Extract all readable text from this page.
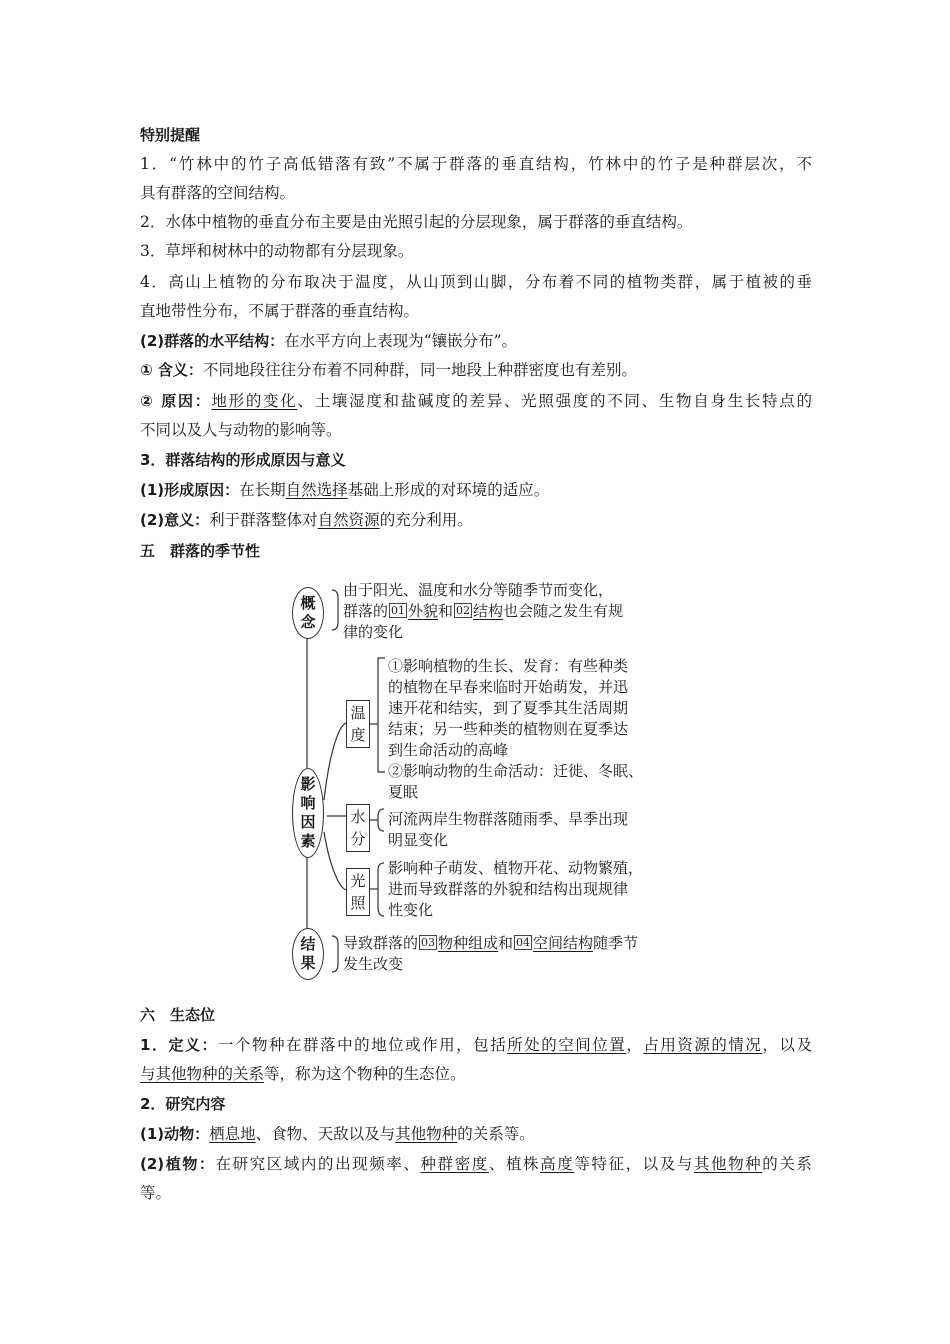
特别提醒
1．“竹林中的竹子高低错落有致”不属于群落的垂直结构，竹林中的竹子是种群层次，不
具有群落的空间结构。
2．水体中植物的垂直分布主要是由光照引起的分层现象，属于群落的垂直结构。
3．草坪和树林中的动物都有分层现象。
4．高山上植物的分布取决于温度，从山顶到山脚，分布着不同的植物类群，属于植被的垂
直地带性分布，不属于群落的垂直结构。
(2)群落的水平结构：在水平方向上表现为“镶嵌分布”。
① 含义：不同地段往往分布着不同种群，同一地段上种群密度也有差别。
② 原因：地形的变化、土壤湿度和盐碱度的差异、光照强度的不同、生物自身生长特点的
不同以及人与动物的影响等。
3．群落结构的形成原因与意义
(1)形成原因：在长期自然选择基础上形成的对环境的适应。
(2)意义：利于群落整体对自然资源的充分利用。
五　群落的季节性
概
念
影
响
因
素
结
果
温
度
水
分
光
照
由于阳光、温度和水分等随季节而变化，
群落的 01 外貌和 02 结构也会随之发生有规
律的变化
①影响植物的生长、发育：有些种类
的植物在早春来临时开始萌发，并迅
速开花和结实，到了夏季其生活周期
结束；另一些种类的植物则在夏季达
到生命活动的高峰
②影响动物的生命活动：迁徙、冬眠、
夏眠
河流两岸生物群落随雨季、旱季出现
明显变化
影响种子萌发、植物开花、动物繁殖，
进而导致群落的外貌和结构出现规律
性变化
导致群落的 03 物种组成和 04 空间结构随季节
发生改变
六　生态位
1．定义：一个物种在群落中的地位或作用，包括所处的空间位置，占用资源的情况，以及
与其他物种的关系等，称为这个物种的生态位。
2．研究内容
(1)动物：栖息地、食物、天敌以及与其他物种的关系等。
(2)植物：在研究区域内的出现频率、种群密度、植株高度等特征，以及与其他物种的关系
等。
